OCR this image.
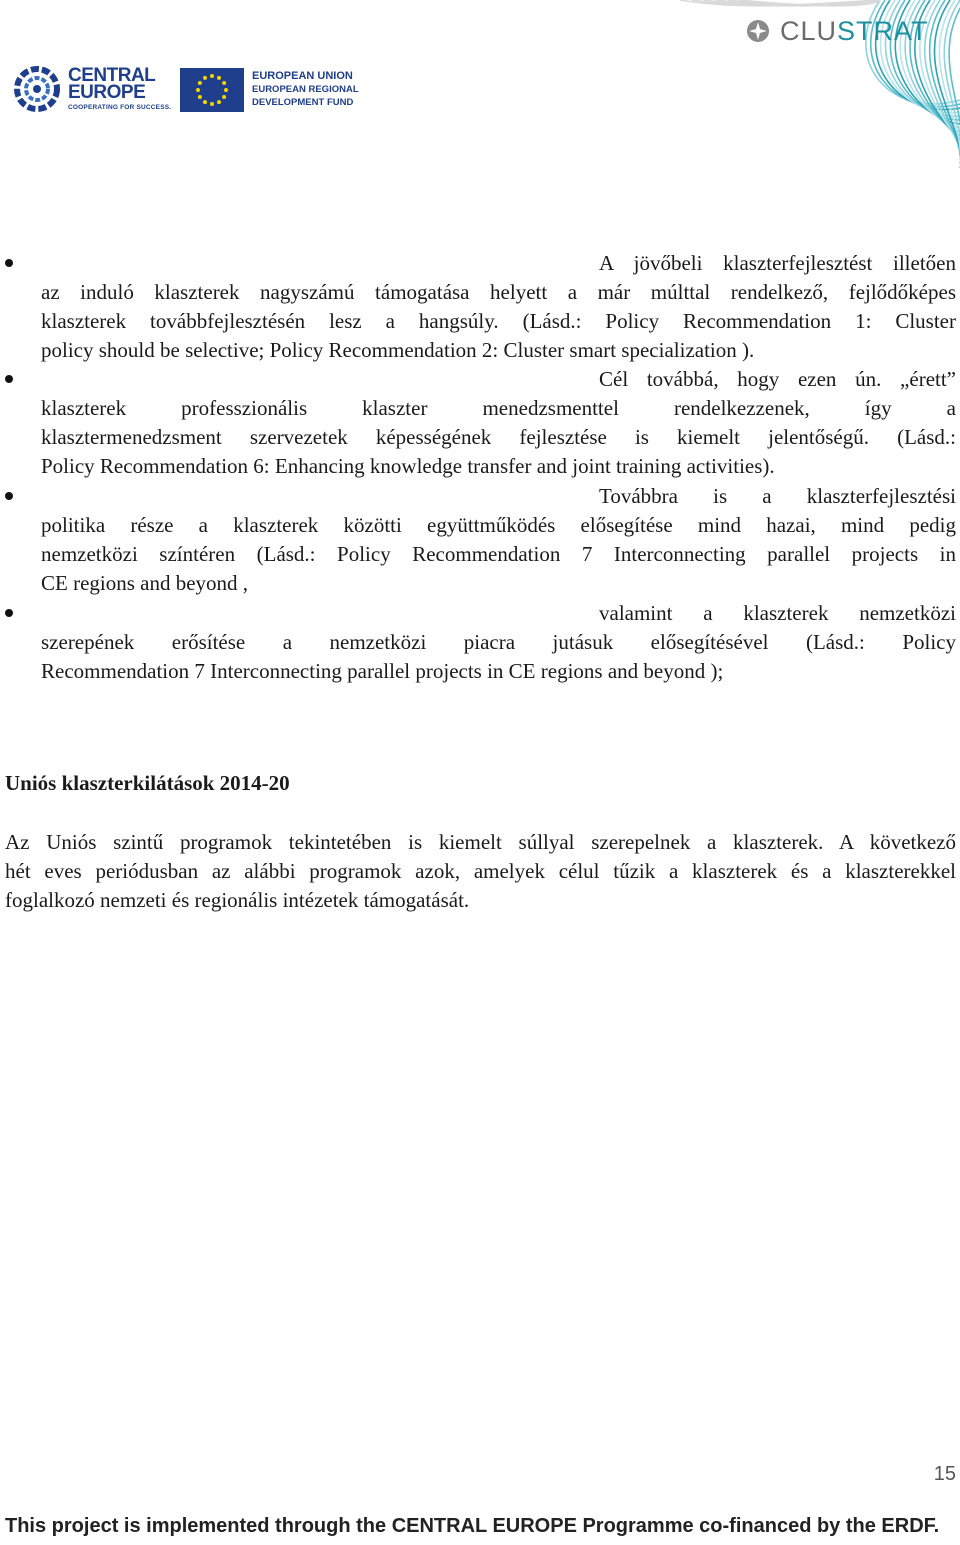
CENTRAL
EUROPE
COOPERATING FOR SUCCESS.
EUROPEAN UNION
EUROPEAN REGIONAL
DEVELOPMENT FUND
CLUSTRAT
A jövőbeli klaszterfejlesztést illetően
az induló klaszterek nagyszámú támogatása helyett a már múlttal rendelkező, fejlődőképes
klaszterek továbbfejlesztésén lesz a hangsúly. (Lásd.: Policy Recommendation 1: Cluster
policy should be selective; Policy Recommendation 2: Cluster smart specialization ).
Cél továbbá, hogy ezen ún. „érett”
klaszterek professzionális klaszter menedzsmenttel rendelkezzenek, így a
klasztermenedzsment szervezetek képességének fejlesztése is kiemelt jelentőségű. (Lásd.:
Policy Recommendation 6: Enhancing knowledge transfer and joint training activities).
Továbbra is a klaszterfejlesztési
politika része a klaszterek közötti együttműködés elősegítése mind hazai, mind pedig
nemzetközi színtéren (Lásd.: Policy Recommendation 7 Interconnecting parallel projects in
CE regions and beyond ,
valamint a klaszterek nemzetközi
szerepének erősítése a nemzetközi piacra jutásuk elősegítésével (Lásd.: Policy
Recommendation 7 Interconnecting parallel projects in CE regions and beyond );
Uniós klaszterkilátások 2014-20
Az Uniós szintű programok tekintetében is kiemelt súllyal szerepelnek a klaszterek. A következő
hét eves periódusban az alábbi programok azok, amelyek célul tűzik a klaszterek és a klaszterekkel
foglalkozó nemzeti és regionális intézetek támogatását.
15
This project is implemented through the CENTRAL EUROPE Programme co-financed by the ERDF.
